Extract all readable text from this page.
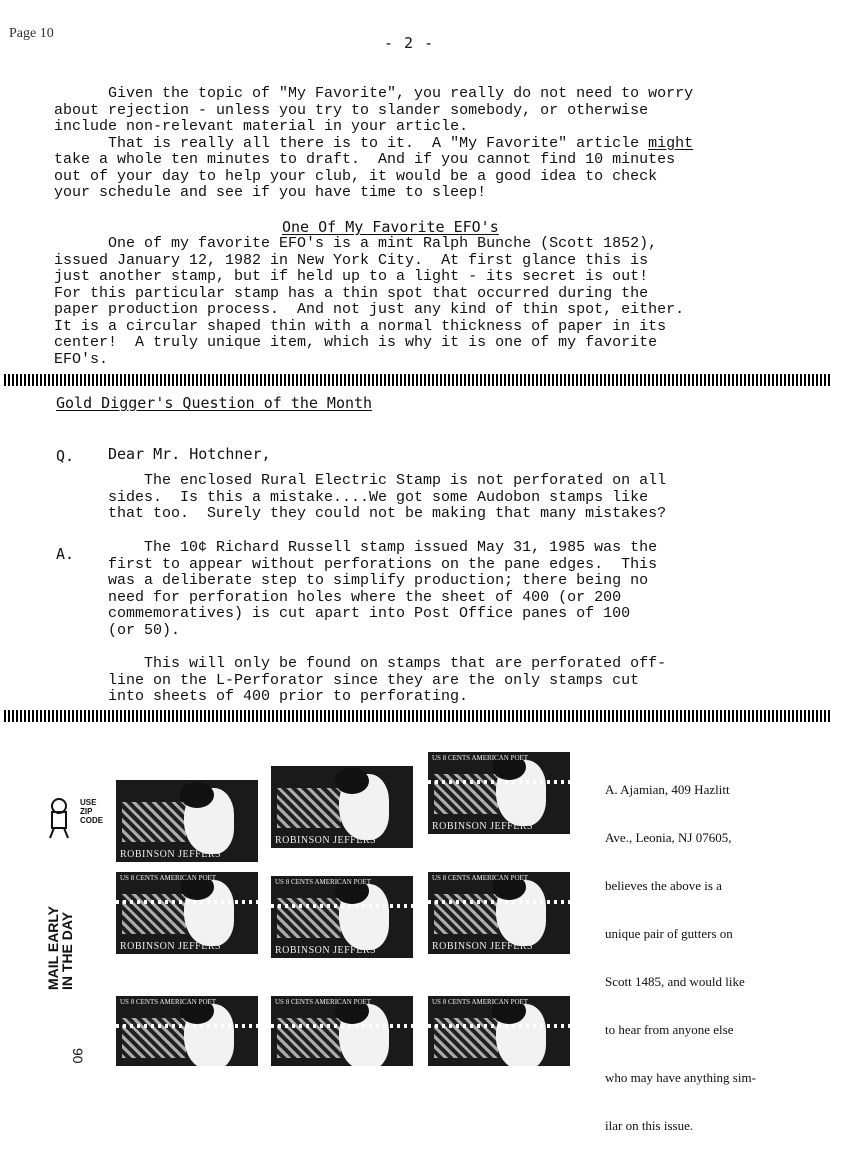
Page 10
- 2 -
Given the topic of "My Favorite", you really do not need to worry
about rejection - unless you try to slander somebody, or otherwise
include non-relevant material in your article.
That is really all there is to it.  A "My Favorite" article might
take a whole ten minutes to draft.  And if you cannot find 10 minutes
out of your day to help your club, it would be a good idea to check
your schedule and see if you have time to sleep!
One Of My Favorite EFO's
One of my favorite EFO's is a mint Ralph Bunche (Scott 1852),
issued January 12, 1982 in New York City.  At first glance this is
just another stamp, but if held up to a light - its secret is out!
For this particular stamp has a thin spot that occurred during the
paper production process.  And not just any kind of thin spot, either.
It is a circular shaped thin with a normal thickness of paper in its
center!  A truly unique item, which is why it is one of my favorite
EFO's.
Gold Digger's Question of the Month
Q. Dear Mr. Hotchner,
The enclosed Rural Electric Stamp is not perforated on all
sides.  Is this a mistake....We got some Audobon stamps like
that too.  Surely they could not be making that many mistakes?
A. The 10¢ Richard Russell stamp issued May 31, 1985 was the
first to appear without perforations on the pane edges.  This
was a deliberate step to simplify production; there being no
need for perforation holes where the sheet of 400 (or 200
commemoratives) is cut apart into Post Office panes of 100
(or 50).
This will only be found on stamps that are perforated off-
line on the L-Perforator since they are the only stamps cut
into sheets of 400 prior to perforating.
ROBINSON JEFFERS
ROBINSON JEFFERS
US 8 CENTS AMERICAN POET
ROBINSON JEFFERS
US 8 CENTS AMERICAN POET
ROBINSON JEFFERS
US 8 CENTS AMERICAN POET
ROBINSON JEFFERS
US 8 CENTS AMERICAN POET
ROBINSON JEFFERS
US 8 CENTS AMERICAN POET	US 8 CENTS AMERICAN POET	US 8 CENTS AMERICAN POET
USE
ZIP
CODE
MAIL EARLY
IN THE DAY
90

A. Ajamian, 409 Hazlitt

Ave., Leonia, NJ 07605,

believes the above is a

unique pair of gutters on

Scott 1485, and would like

to hear from anyone else

who may have anything sim-

ilar on this issue.
